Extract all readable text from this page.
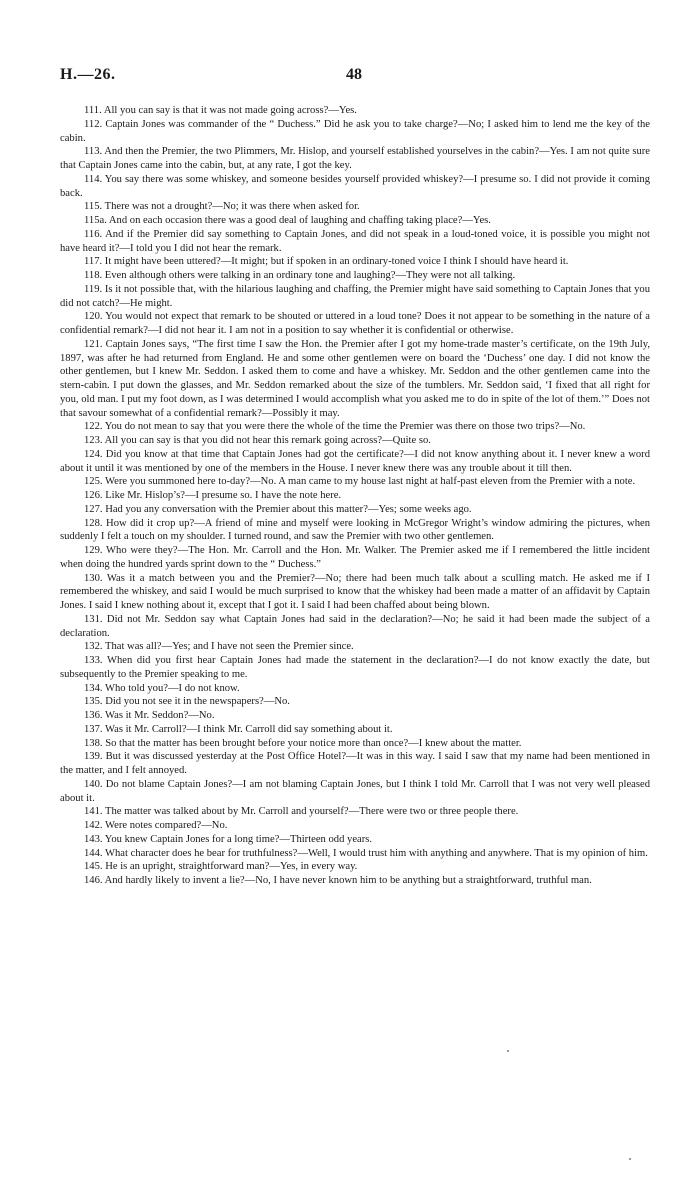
H.—26.	48

111. All you can say is that it was not made going across?—Yes.

112. Captain Jones was commander of the “ Duchess.” Did he ask you to take charge?—No; I asked him to lend me the key of the cabin.

113. And then the Premier, the two Plimmers, Mr. Hislop, and yourself established yourselves in the cabin?—Yes. I am not quite sure that Captain Jones came into the cabin, but, at any rate, I got the key.

114. You say there was some whiskey, and someone besides yourself provided whiskey?—I presume so. I did not provide it coming back.

115. There was not a drought?—No; it was there when asked for.

115a. And on each occasion there was a good deal of laughing and chaffing taking place?—Yes.

116. And if the Premier did say something to Captain Jones, and did not speak in a loud-toned voice, it is possible you might not have heard it?—I told you I did not hear the remark.

117. It might have been uttered?—It might; but if spoken in an ordinary-toned voice I think I should have heard it.

118. Even although others were talking in an ordinary tone and laughing?—They were not all talking.

119. Is it not possible that, with the hilarious laughing and chaffing, the Premier might have said something to Captain Jones that you did not catch?—He might.

120. You would not expect that remark to be shouted or uttered in a loud tone? Does it not appear to be something in the nature of a confidential remark?—I did not hear it. I am not in a position to say whether it is confidential or otherwise.

121. Captain Jones says, “The first time I saw the Hon. the Premier after I got my home-trade master’s certificate, on the 19th July, 1897, was after he had returned from England. He and some other gentlemen were on board the ‘Duchess’ one day. I did not know the other gentlemen, but I knew Mr. Seddon. I asked them to come and have a whiskey. Mr. Seddon and the other gentlemen came into the stern-cabin. I put down the glasses, and Mr. Seddon remarked about the size of the tumblers. Mr. Seddon said, ‘I fixed that all right for you, old man. I put my foot down, as I was determined I would accomplish what you asked me to do in spite of the lot of them.’” Does not that savour somewhat of a confidential remark?—Possibly it may.

122. You do not mean to say that you were there the whole of the time the Premier was there on those two trips?—No.

123. All you can say is that you did not hear this remark going across?—Quite so.

124. Did you know at that time that Captain Jones had got the certificate?—I did not know anything about it. I never knew a word about it until it was mentioned by one of the members in the House. I never knew there was any trouble about it till then.

125. Were you summoned here to-day?—No. A man came to my house last night at half-past eleven from the Premier with a note.

126. Like Mr. Hislop’s?—I presume so. I have the note here.

127. Had you any conversation with the Premier about this matter?—Yes; some weeks ago.

128. How did it crop up?—A friend of mine and myself were looking in McGregor Wright’s window admiring the pictures, when suddenly I felt a touch on my shoulder. I turned round, and saw the Premier with two other gentlemen.

129. Who were they?—The Hon. Mr. Carroll and the Hon. Mr. Walker. The Premier asked me if I remembered the little incident when doing the hundred yards sprint down to the “ Duchess.”

130. Was it a match between you and the Premier?—No; there had been much talk about a sculling match. He asked me if I remembered the whiskey, and said I would be much surprised to know that the whiskey had been made a matter of an affidavit by Captain Jones. I said I knew nothing about it, except that I got it. I said I had been chaffed about being blown.

131. Did not Mr. Seddon say what Captain Jones had said in the declaration?—No; he said it had been made the subject of a declaration.

132. That was all?—Yes; and I have not seen the Premier since.

133. When did you first hear Captain Jones had made the statement in the declaration?—I do not know exactly the date, but subsequently to the Premier speaking to me.

134. Who told you?—I do not know.

135. Did you not see it in the newspapers?—No.

136. Was it Mr. Seddon?—No.

137. Was it Mr. Carroll?—I think Mr. Carroll did say something about it.

138. So that the matter has been brought before your notice more than once?—I knew about the matter.

139. But it was discussed yesterday at the Post Office Hotel?—It was in this way. I said I saw that my name had been mentioned in the matter, and I felt annoyed.

140. Do not blame Captain Jones?—I am not blaming Captain Jones, but I think I told Mr. Carroll that I was not very well pleased about it.

141. The matter was talked about by Mr. Carroll and yourself?—There were two or three people there.

142. Were notes compared?—No.

143. You knew Captain Jones for a long time?—Thirteen odd years.

144. What character does he bear for truthfulness?—Well, I would trust him with anything and anywhere. That is my opinion of him.

145. He is an upright, straightforward man?—Yes, in every way.

146. And hardly likely to invent a lie?—No, I have never known him to be anything but a straightforward, truthful man.
